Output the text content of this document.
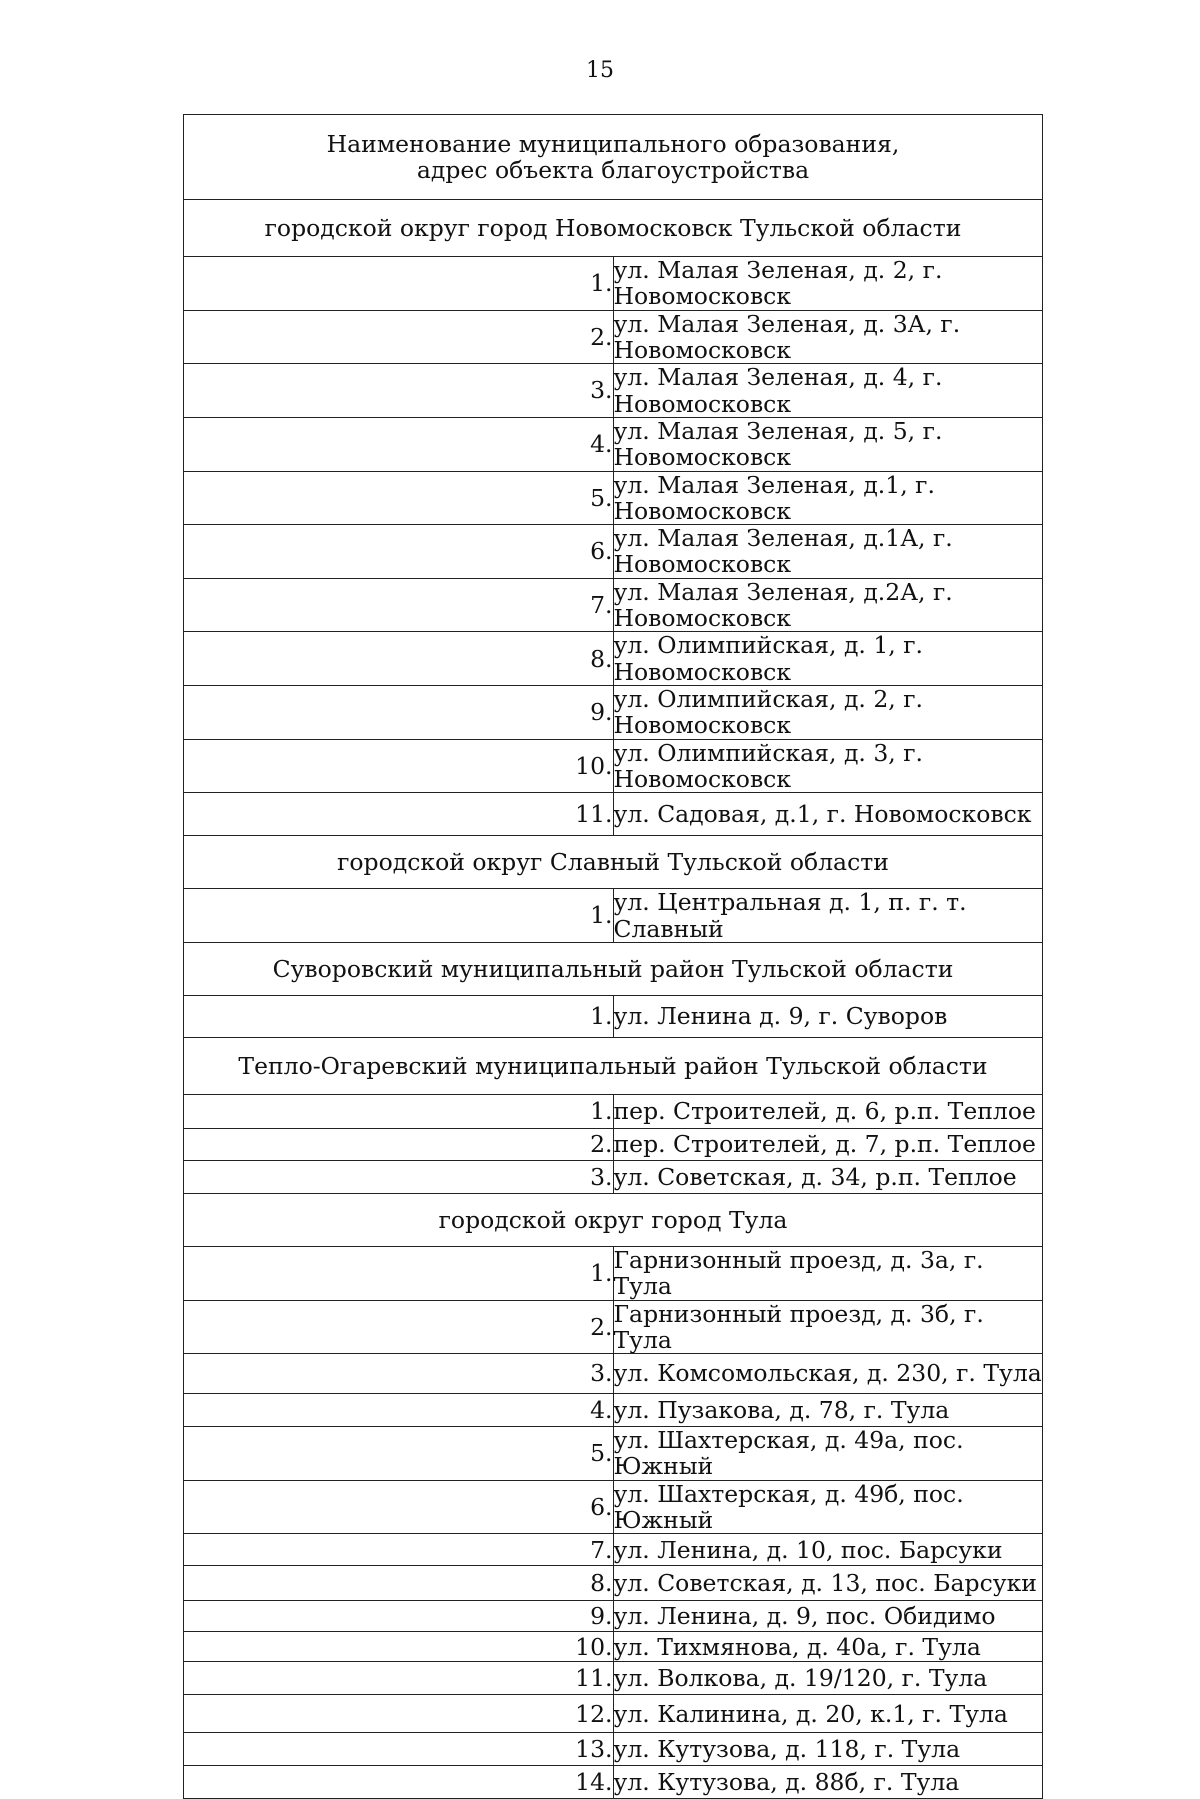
15
Наименование муниципального образования,
адрес объекта благоустройства	

городской округ город Новомосковск Тульской области	
1.	ул. Малая Зеленая, д. 2, г. Новомосковск
2.	ул. Малая Зеленая, д. 3А, г. Новомосковск
3.	ул. Малая Зеленая, д. 4, г. Новомосковск
4.	ул. Малая Зеленая, д. 5, г. Новомосковск
5.	ул. Малая Зеленая, д.1, г. Новомосковск
6.	ул. Малая Зеленая, д.1А, г. Новомосковск
7.	ул. Малая Зеленая, д.2А, г. Новомосковск
8.	ул. Олимпийская, д. 1, г. Новомосковск
9.	ул. Олимпийская, д. 2, г. Новомосковск
10.	ул. Олимпийская, д. 3, г. Новомосковск
11.	ул. Садовая, д.1, г. Новомосковск
городской округ Славный Тульской области	
1.	ул. Центральная д. 1, п. г. т. Славный
Суворовский муниципальный район Тульской области	
1.	ул. Ленина д. 9, г. Суворов
Тепло-Огаревский муниципальный район Тульской области	
1.	пер. Строителей, д. 6, р.п. Теплое
2.	пер. Строителей, д. 7, р.п. Теплое
3.	ул. Советская, д. 34, р.п. Теплое
городской округ город Тула	
1.	Гарнизонный проезд, д. 3а, г. Тула
2.	Гарнизонный проезд, д. 3б, г. Тула
3.	ул. Комсомольская, д. 230, г. Тула
4.	ул. Пузакова, д. 78, г. Тула
5.	ул. Шахтерская, д. 49а, пос. Южный
6.	ул. Шахтерская, д. 49б, пос. Южный
7.	ул. Ленина, д. 10, пос. Барсуки
8.	ул. Советская, д. 13, пос. Барсуки
9.	ул. Ленина, д. 9, пос. Обидимо
10.	ул. Тихмянова, д. 40а, г. Тула
11.	ул. Волкова, д. 19/120, г. Тула
12.	ул. Калинина, д. 20, к.1, г. Тула
13.	ул. Кутузова, д. 118, г. Тула
14.	ул. Кутузова, д. 88б, г. Тула
